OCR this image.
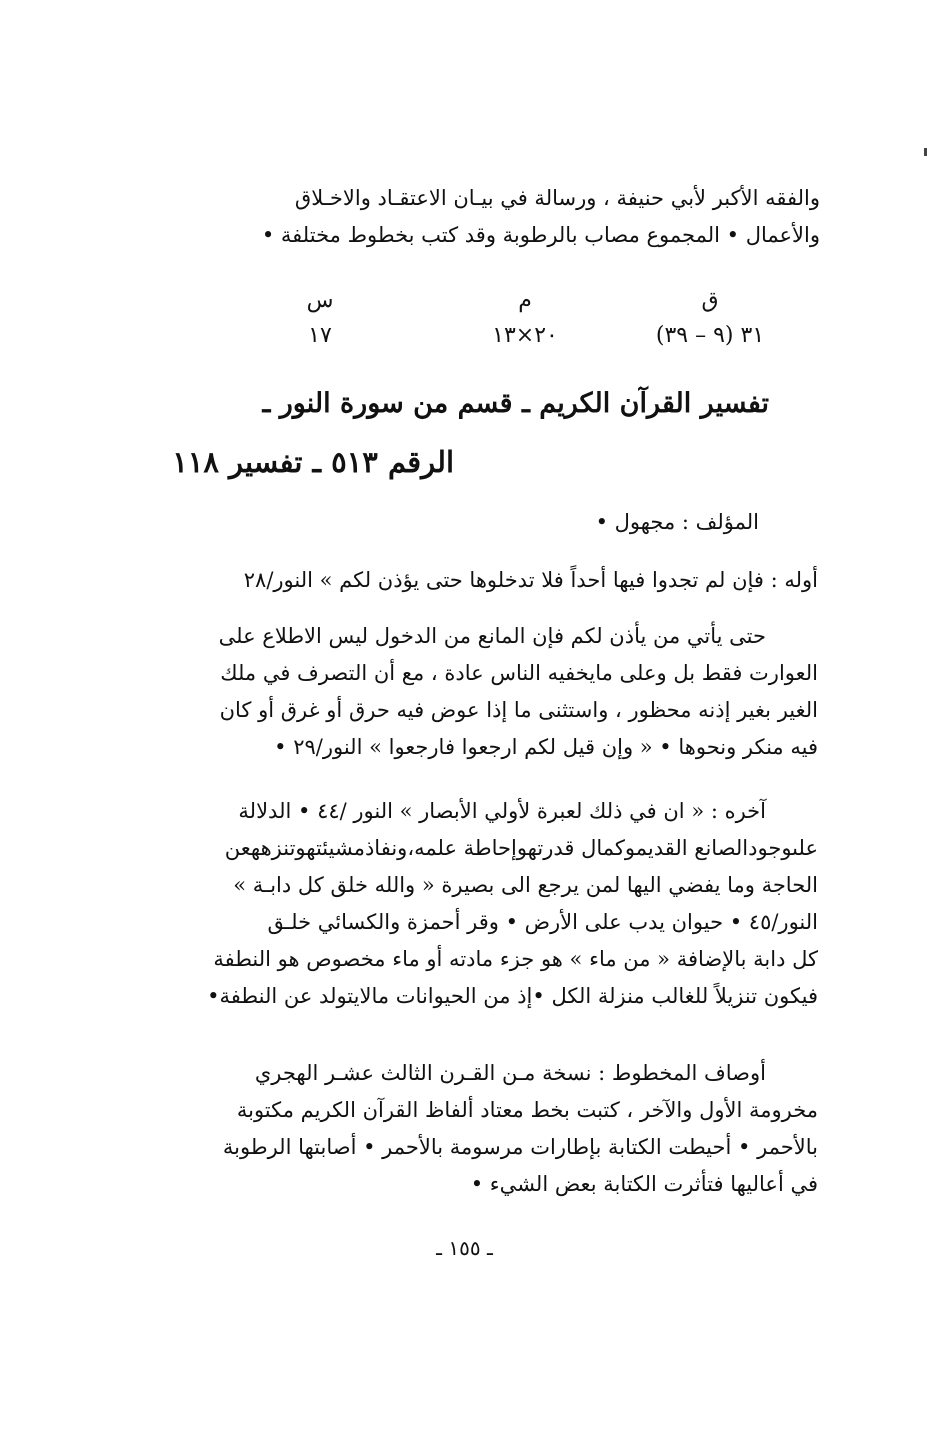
والفقه الأكبر لأبي حنيفة ، ورسالة في بيـان الاعتقـاد والاخـلاق
والأعمال • المجموع مصاب بالرطوبة وقد كتب بخطوط مختلفة •
ق
٣١ (٩ – ٣٩)
م
٢٠×١٣
س
١٧
تفسير القرآن الكريم ـ قسم من سورة النور ـ
الرقم ٥١٣ ـ تفسير ١١٨
المؤلف : مجهول •
أوله : فإن لم تجدوا فيها أحداً فلا تدخلوها حتى يؤذن لكم » النور/٢٨
حتى يأتي من يأذن لكم فإن المانع من الدخول ليس الاطلاع على
العوارت فقط بل وعلى مايخفيه الناس عادة ، مع أن التصرف في ملك
الغير بغير إذنه محظور ، واستثنى ما إذا عوض فيه حرق أو غرق أو كان
فيه منكر ونحوها • « وإن قيل لكم ارجعوا فارجعوا » النور/٢٩ •
آخره : « ان في ذلك لعبرة لأولي الأبصار » النور /٤٤ • الدلالة
علىوجودالصانع القديموكمال قدرتهوإحاطة علمه،ونفاذمشيئتهوتنزههعن
الحاجة وما يفضي اليها لمن يرجع الى بصيرة « والله خلق كل دابـة »
النور/٤٥ • حيوان يدب على الأرض • وقر أحمزة والكسائي خلـق
كل دابة بالإضافة « من ماء » هو جزء مادته أو ماء مخصوص هو النطفة
فيكون تنزيلاً للغالب منزلة الكل •إذ من الحيوانات مالايتولد عن النطفة•
أوصاف المخطوط : نسخة مـن القـرن الثالث عشـر الهجري
مخرومة الأول والآخر ، كتبت بخط معتاد ألفاظ القرآن الكريم مكتوبة
بالأحمر • أحيطت الكتابة بإطارات مرسومة بالأحمر • أصابتها الرطوبة
في أعاليها فتأثرت الكتابة بعض الشيء •
ـ ١٥٥ ـ
